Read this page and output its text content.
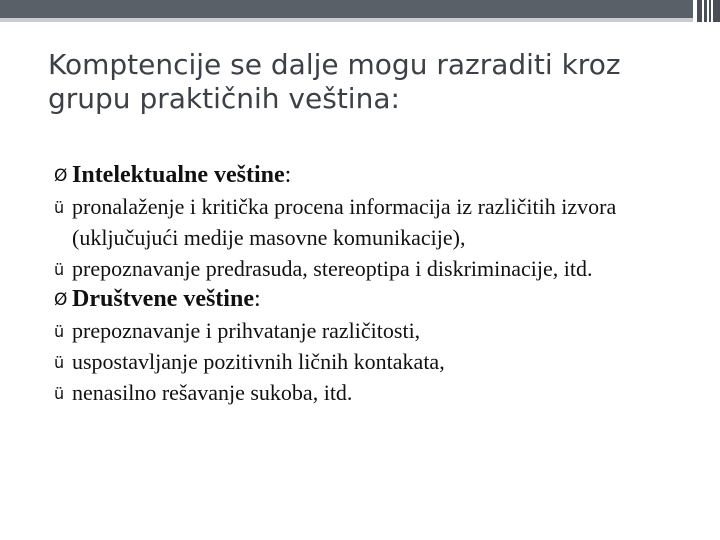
Komptencije se dalje mogu razraditi kroz grupu praktičnih veština:
Ø Intelektualne veštine:
ü pronalaženje i kritička procena informacija iz različitih izvora (uključujući medije masovne komunikacije),
ü prepoznavanje predrasuda, stereoptipa i diskriminacije, itd.
Ø Društvene veštine:
ü prepoznavanje i prihvatanje različitosti,
ü uspostavljanje pozitivnih ličnih kontakata,
ü nenasilno rešavanje sukoba, itd.
